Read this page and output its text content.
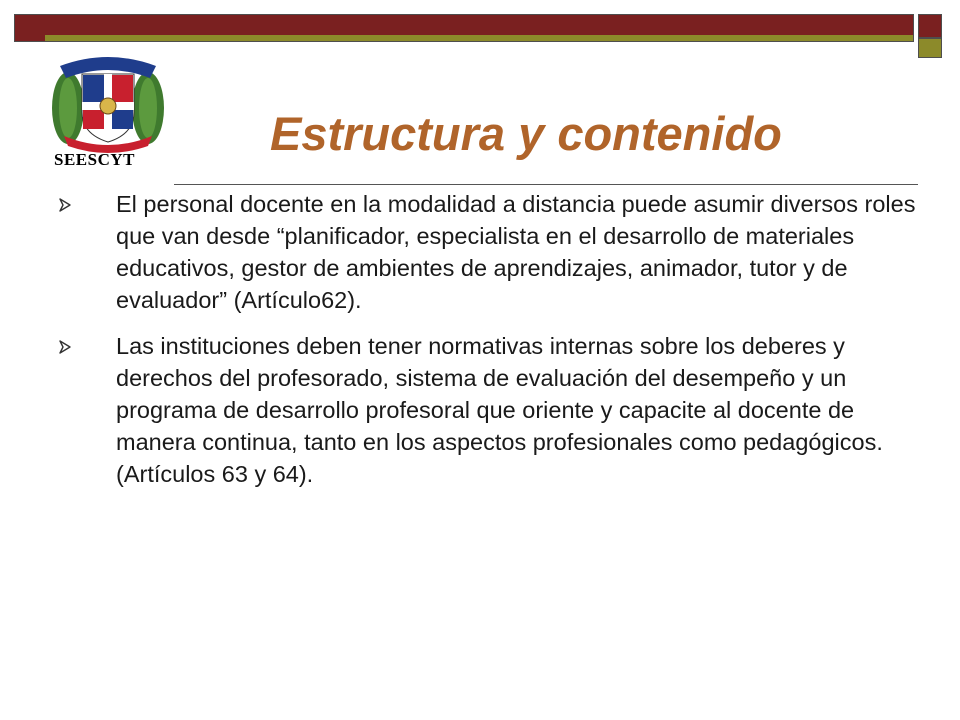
SEESCYT	Estructura y contenido
El personal docente en la modalidad a distancia puede asumir diversos roles que van desde “planificador, especialista en el desarrollo de materiales educativos, gestor de ambientes de aprendizajes, animador, tutor y de evaluador” (Artículo62).
Las instituciones deben tener normativas internas sobre los deberes y derechos del profesorado, sistema de evaluación del desempeño y un programa de desarrollo profesoral que oriente y capacite al docente de manera continua, tanto en los aspectos profesionales como pedagógicos. (Artículos 63 y 64).
